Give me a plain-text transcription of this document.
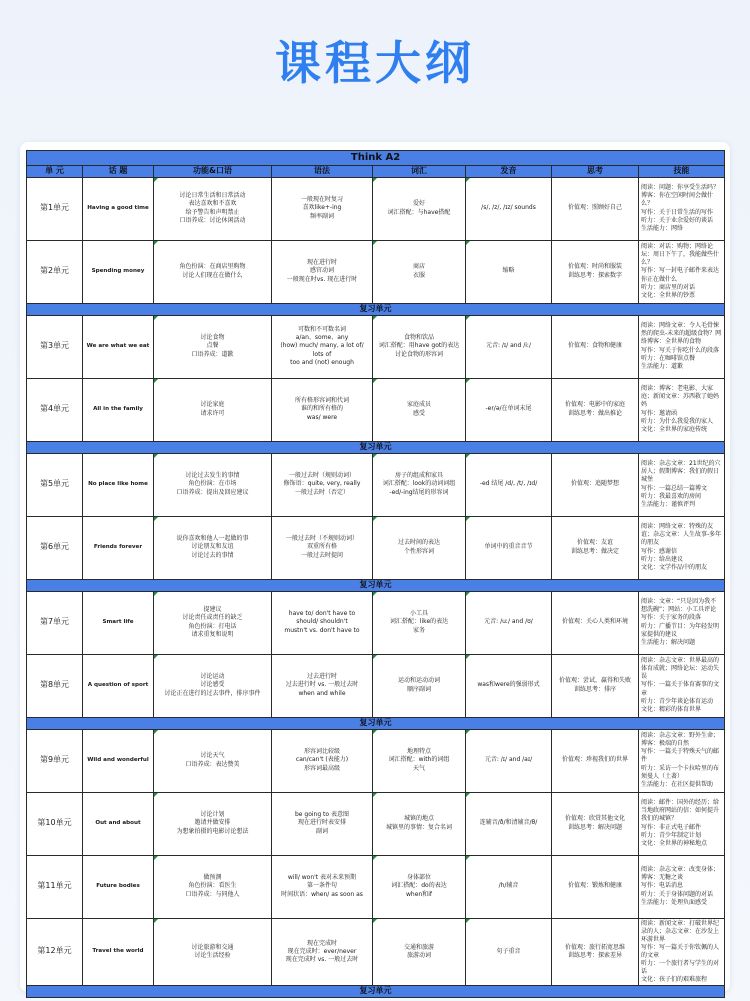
课程大纲
Think A2							
单 元	话 题	功能&口语	语法	词汇	发音	思考	技能
第1单元	Having a good time	讨论日常生活和日常活动
表达喜欢和不喜欢
给予警告和声明禁止
口语养成：讨论休闲活动	一般现在时复习
喜欢like+-ing
频率副词	爱好
词汇搭配：与have搭配	/s/, /z/, /ɪz/ sounds	价值观：照顾好自己	阅读：问题：你享受生活吗？博客：你在空闲时间会做什么？
写作：关于日常生活的写作
听力：关于业余爱好的谈话
生活能力：网络
第2单元	Spending money	角色扮演：在商店里购物
讨论人们现在在做什么	现在进行时
感官动词
一般现在时vs. 现在进行时	商店
衣服	缩略	价值观：时尚和服装
训练思考：探索数字	阅读：对话：购物；网络论坛：周日下午了，我能做些什么？
写作：写一封电子邮件来表达你正在做什么
听力：商店里的对话
文化：全世界的钞票
复习单元							
第3单元	We are what we eat	讨论食物
点餐
口语养成：道歉	可数和不可数名词
a/an、some、any
(how) much/ many, a lot of/ lots of
too and (not) enough	食物和饮品
词汇搭配：用have got的表达
讨论食物的形容词	元音: /ɪ/ and /iː/	价值观：食物和健康	阅读：网络文章：令人毛骨悚然的爬虫-未来的超级食物？网络博客：全世界的食物
写作：写关于你吃什么的段落
听力：在咖啡馆点餐
生活能力：道歉
第4单元	All in the family	讨论家庭
请求许可	所有格形容词和代词
谁的和所有格的
was/ were	家庭成员
感受	-er/ə/在单词末尾	价值观：电影中的家庭
训练思考：做出推论	阅读：博客：老电影、大家庭；新闻文章：苏西救了她妈妈
写作：邀请函
听力：为什么我爱我的家人
文化：全世界的家庭传统
复习单元							
第5单元	No place like home	讨论过去发生的事情
角色扮演：在市场
口语养成：提出及回应建议	一般过去时（规则动词）
修饰语：quite, very, really
一般过去时（否定）	房子的组成和家具
词汇搭配：look的动词词组
-ed/-ing结尾的形容词	-ed 结尾 /d/, /t/, /ɪd/	价值观：追随梦想	阅读：杂志文章：21世纪的穴居人；假期博客：我们的假日城堡
写作：一篇总结一篇博文
听力：我最喜欢的房间
生活能力：谨慎评判
第6单元	Friends forever	说你喜欢和他人一起做的事
讨论朋友和友谊
讨论过去的事情	一般过去时（不规则动词）
双重所有格
一般过去时提问	过去时间的表达
个性形容词	单词中的重音音节	价值观：友谊
训练思考：做决定	阅读：网络文章：特殊的友谊；杂志文章：人生故事-多年的朋友
写作：感谢信
听力：给出建议
文化：文学作品中的朋友
复习单元							
第7单元	Smart life	提建议
讨论责任或责任的缺乏
角色扮演：打电话
请求重复和说明	have to/ don't have to
should/ shouldn't
mustn't vs. don't have to	小工具
词汇搭配：like的表达
家务	元音: /uː/ and /ʊ/	价值观：关心人类和环境	阅读：文章：“只是因为我不想洗碗”；网站：小工具评论
写作：关于家务的段落
听力：广播节目：为年轻发明家提供的建议
生活能力：解决问题
第8单元	A question of sport	讨论运动
讨论感受
讨论正在进行的过去事件，排序事件	过去进行时
过去进行时 vs. 一般过去时
when and while	运动和运动动词
顺序副词	was和were的强弱形式	价值观：尝试，赢得和失败
训练思考：排序	阅读：杂志文章：世界最高的体育成就；网络论坛：运动失误
写作：一篇关于体育赛事的文章
听力：青少年谈论体育运动
文化：精彩的体育世界
复习单元							
第9单元	Wild and wonderful	讨论天气
口语养成：表达赞美	形容词比较级
can/can't (表能力)
形容词最高级	地理特点
词汇搭配：with的词组
天气	元音: /ɪ/ and /aɪ/	价值观：珍视我们的世界	阅读：杂志文章：野外生命；博客：极端的自然
写作：一篇关于特殊天气的邮件
听力：采访一个卡拉哈里的布须曼人（土著）
生活能力：在社区提供帮助
第10单元	Out and about	讨论计划
邀请并做安排
为想象拍摄的电影讨论想法	be going to 表意图
现在进行时表安排
副词	城镇的地点
城镇里的事情：复合名词	连辅音/ð/和清辅音/θ/	价值观：欣赏其他文化
训练思考：解决问题	阅读：邮件：国外的经历；给当地政府网站的信：如何提升我们的城镇？
写作：非正式电子邮件
听力：青少年制定计划
文化：全世界的神秘地点
第11单元	Future bodies	做预测
角色扮演：看医生
口语养成：与同他人	will/ won't 表对未来预期
第一条件句
时间状语：when/ as soon as	身体部位
词汇搭配：do的表达
when和if	/h/辅音	价值观：锻炼和健康	阅读：杂志文章：改变身体；博客：无糖之谈
写作：电话消息
听力：关于身体问题的对话
生活能力：处理负面感受
第12单元	Travel the world	讨论旅游和交通
讨论生活经验	现在完成时
现在完成时：ever/never
现在完成时 vs. 一般过去时	交通和旅游
旅游动词	句子重音	价值观：旅行拓宽思维
训练思考：探索差异	阅读：新闻文章：打破世界纪录的人；杂志文章：在沙发上环游世界
写作：写一篇关于你钦佩的人的文章
听力：一个旅行者与学生的对话
文化：孩子们的艰难旅程
复习单元							
